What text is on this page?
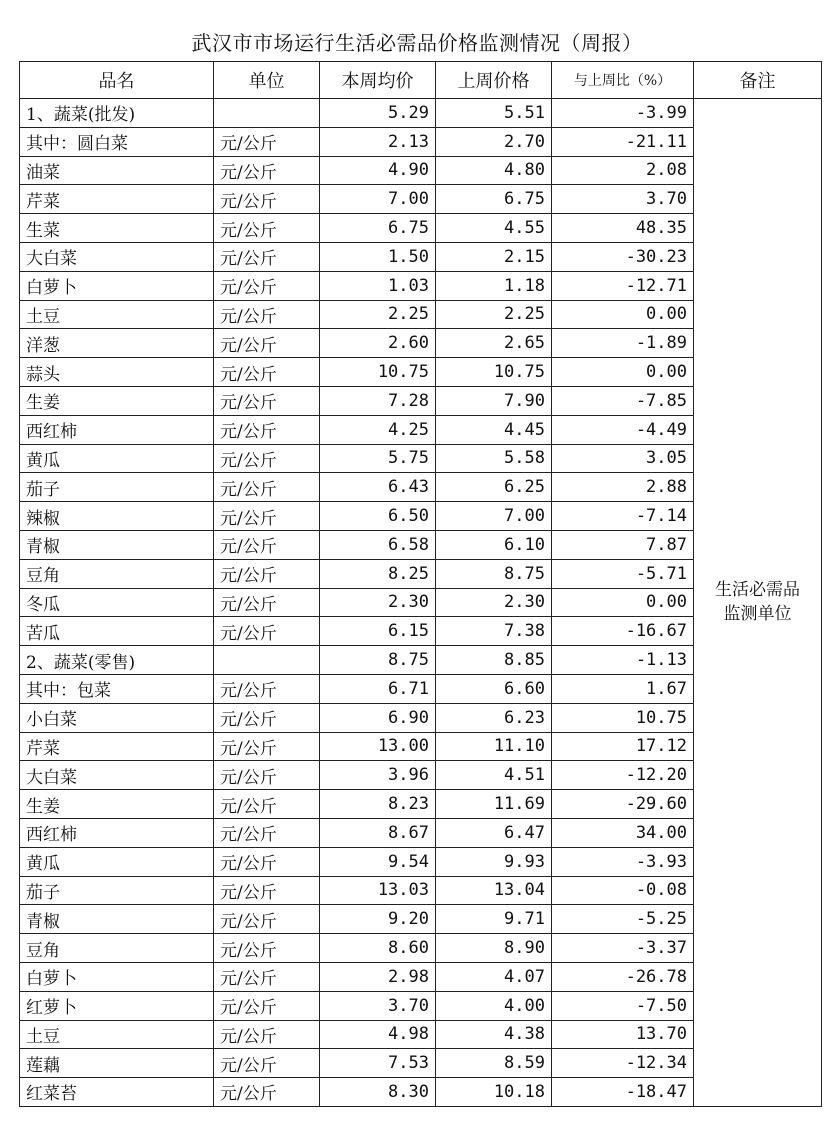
武汉市市场运行生活必需品价格监测情况（周报）
品名	单位	本周均价	上周价格	与上周比（%）	备注
1、蔬菜(批发)		5.29	5.51	-3.99	生活必需品
监测单位

其中：圆白菜	元/公斤	2.13	2.70	-21.11	
油菜	元/公斤	4.90	4.80	2.08	
芹菜	元/公斤	7.00	6.75	3.70	
生菜	元/公斤	6.75	4.55	48.35	
大白菜	元/公斤	1.50	2.15	-30.23	
白萝卜	元/公斤	1.03	1.18	-12.71	
土豆	元/公斤	2.25	2.25	0.00	
洋葱	元/公斤	2.60	2.65	-1.89	
蒜头	元/公斤	10.75	10.75	0.00	
生姜	元/公斤	7.28	7.90	-7.85	
西红柿	元/公斤	4.25	4.45	-4.49	
黄瓜	元/公斤	5.75	5.58	3.05	
茄子	元/公斤	6.43	6.25	2.88	
辣椒	元/公斤	6.50	7.00	-7.14	
青椒	元/公斤	6.58	6.10	7.87	
豆角	元/公斤	8.25	8.75	-5.71	
冬瓜	元/公斤	2.30	2.30	0.00	
苦瓜	元/公斤	6.15	7.38	-16.67	
2、蔬菜(零售)		8.75	8.85	-1.13	
其中：包菜	元/公斤	6.71	6.60	1.67	
小白菜	元/公斤	6.90	6.23	10.75	
芹菜	元/公斤	13.00	11.10	17.12	
大白菜	元/公斤	3.96	4.51	-12.20	
生姜	元/公斤	8.23	11.69	-29.60	
西红柿	元/公斤	8.67	6.47	34.00	
黄瓜	元/公斤	9.54	9.93	-3.93	
茄子	元/公斤	13.03	13.04	-0.08	
青椒	元/公斤	9.20	9.71	-5.25	
豆角	元/公斤	8.60	8.90	-3.37	
白萝卜	元/公斤	2.98	4.07	-26.78	
红萝卜	元/公斤	3.70	4.00	-7.50	
土豆	元/公斤	4.98	4.38	13.70	
莲藕	元/公斤	7.53	8.59	-12.34	
红菜苔	元/公斤	8.30	10.18	-18.47	
